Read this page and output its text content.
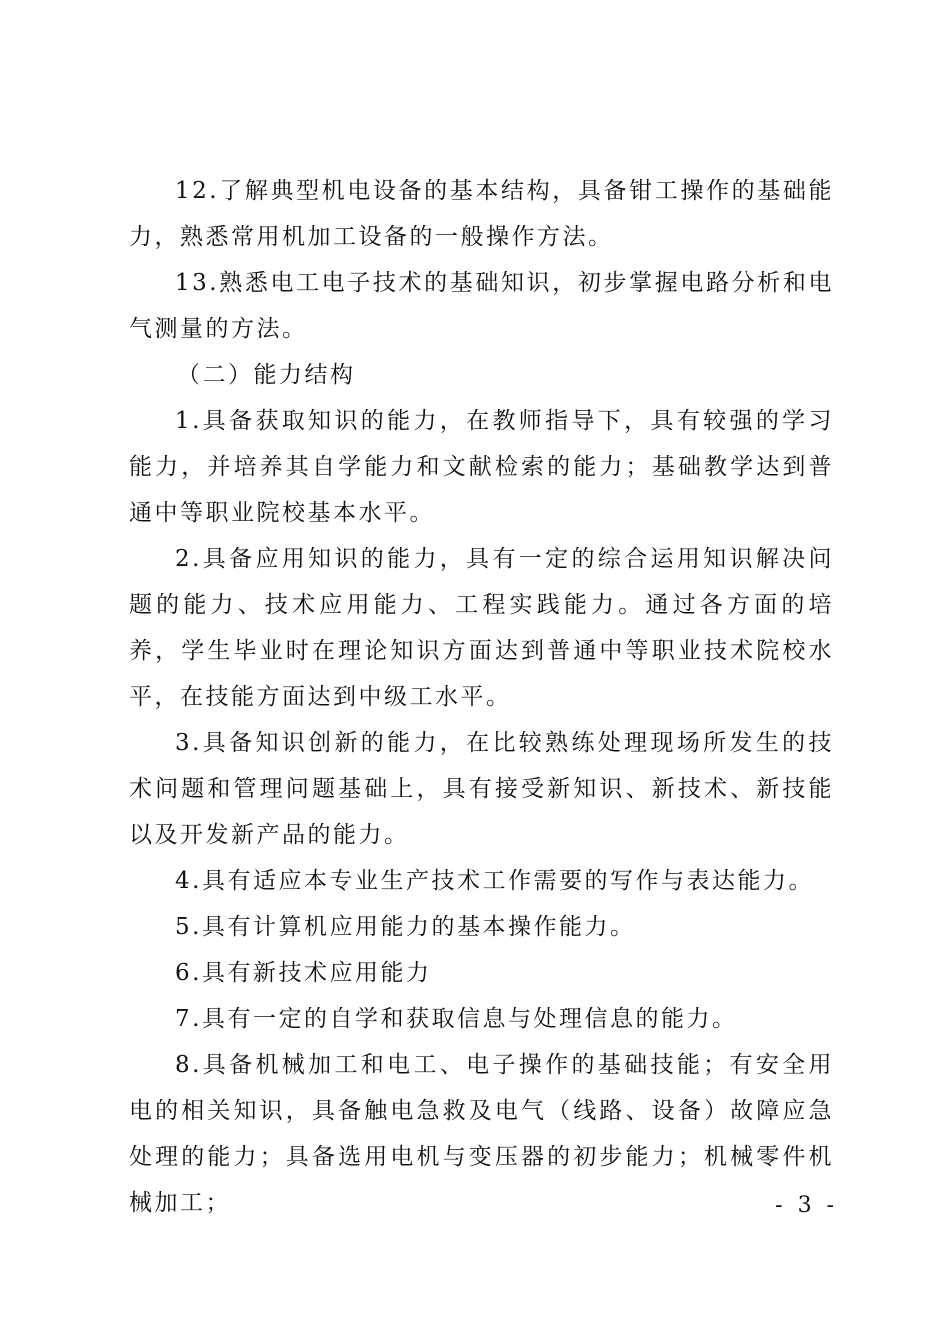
12.了解典型机电设备的基本结构，具备钳工操作的基础能力，熟悉常用机加工设备的一般操作方法。

13.熟悉电工电子技术的基础知识，初步掌握电路分析和电气测量的方法。

（二）能力结构

1.具备获取知识的能力，在教师指导下，具有较强的学习能力，并培养其自学能力和文献检索的能力；基础教学达到普通中等职业院校基本水平。

2.具备应用知识的能力，具有一定的综合运用知识解决问题的能力、技术应用能力、工程实践能力。通过各方面的培养，学生毕业时在理论知识方面达到普通中等职业技术院校水平，在技能方面达到中级工水平。

3.具备知识创新的能力，在比较熟练处理现场所发生的技术问题和管理问题基础上，具有接受新知识、新技术、新技能以及开发新产品的能力。

4.具有适应本专业生产技术工作需要的写作与表达能力。

5.具有计算机应用能力的基本操作能力。

6.具有新技术应用能力

7.具有一定的自学和获取信息与处理信息的能力。

8.具备机械加工和电工、电子操作的基础技能；有安全用电的相关知识，具备触电急救及电气（线路、设备）故障应急处理的能力；具备选用电机与变压器的初步能力；机械零件机械加工；	- 3 -
